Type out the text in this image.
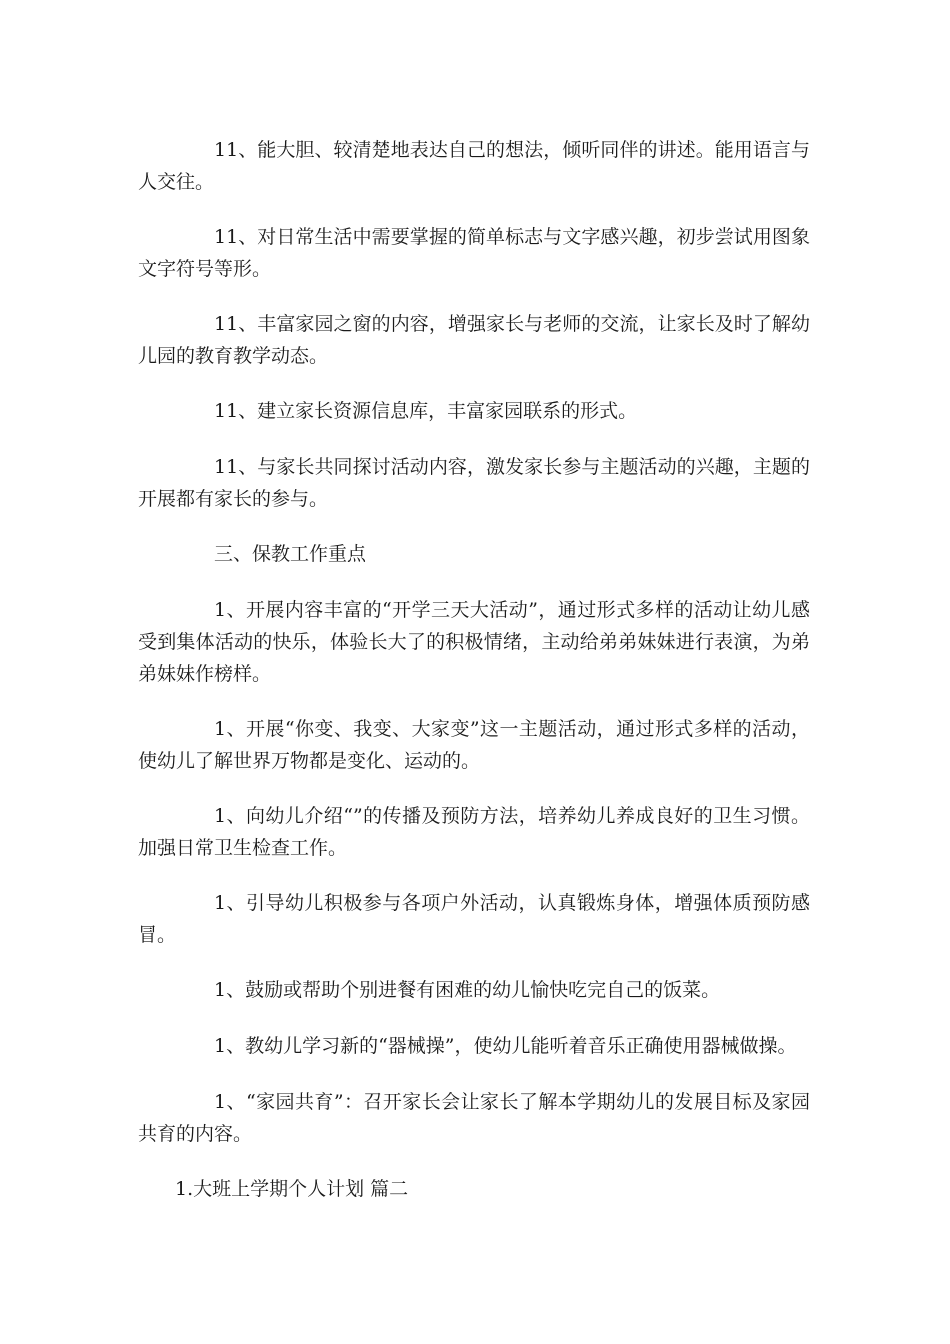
11、能大胆、较清楚地表达自己的想法，倾听同伴的讲述。能用语言与人交往。

11、对日常生活中需要掌握的简单标志与文字感兴趣，初步尝试用图象文字符号等形。

11、丰富家园之窗的内容，增强家长与老师的交流，让家长及时了解幼儿园的教育教学动态。

11、建立家长资源信息库，丰富家园联系的形式。

11、与家长共同探讨活动内容，激发家长参与主题活动的兴趣，主题的开展都有家长的参与。

三、保教工作重点

1、开展内容丰富的“开学三天大活动”，通过形式多样的活动让幼儿感受到集体活动的快乐，体验长大了的积极情绪，主动给弟弟妹妹进行表演，为弟弟妹妹作榜样。

1、开展“你变、我变、大家变”这一主题活动，通过形式多样的活动，使幼儿了解世界万物都是变化、运动的。

1、向幼儿介绍“”的传播及预防方法，培养幼儿养成良好的卫生习惯。加强日常卫生检查工作。

1、引导幼儿积极参与各项户外活动，认真锻炼身体，增强体质预防感冒。

1、鼓励或帮助个别进餐有困难的幼儿愉快吃完自己的饭菜。

1、教幼儿学习新的“器械操”，使幼儿能听着音乐正确使用器械做操。

1、“家园共育”：召开家长会让家长了解本学期幼儿的发展目标及家园共育的内容。

1.大班上学期个人计划 篇二
